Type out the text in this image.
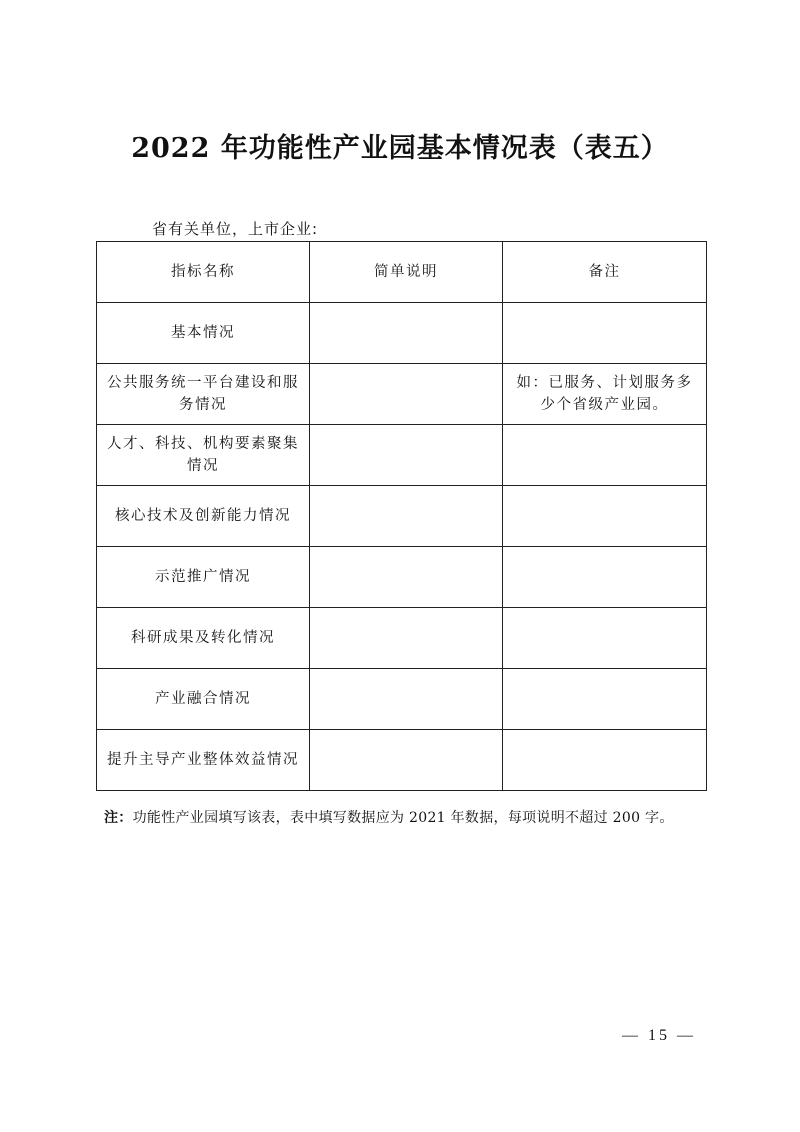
2022 年功能性产业园基本情况表（表五）
省有关单位，上市企业:
指标名称	简单说明	备注
基本情况		
公共服务统一平台建设和服务情况		如：已服务、计划服务多少个省级产业园。
人才、科技、机构要素聚集情况		
核心技术及创新能力情况		
示范推广情况		
科研成果及转化情况		
产业融合情况		
提升主导产业整体效益情况		
注：功能性产业园填写该表，表中填写数据应为 2021 年数据，每项说明不超过 200 字。
— 15 —
